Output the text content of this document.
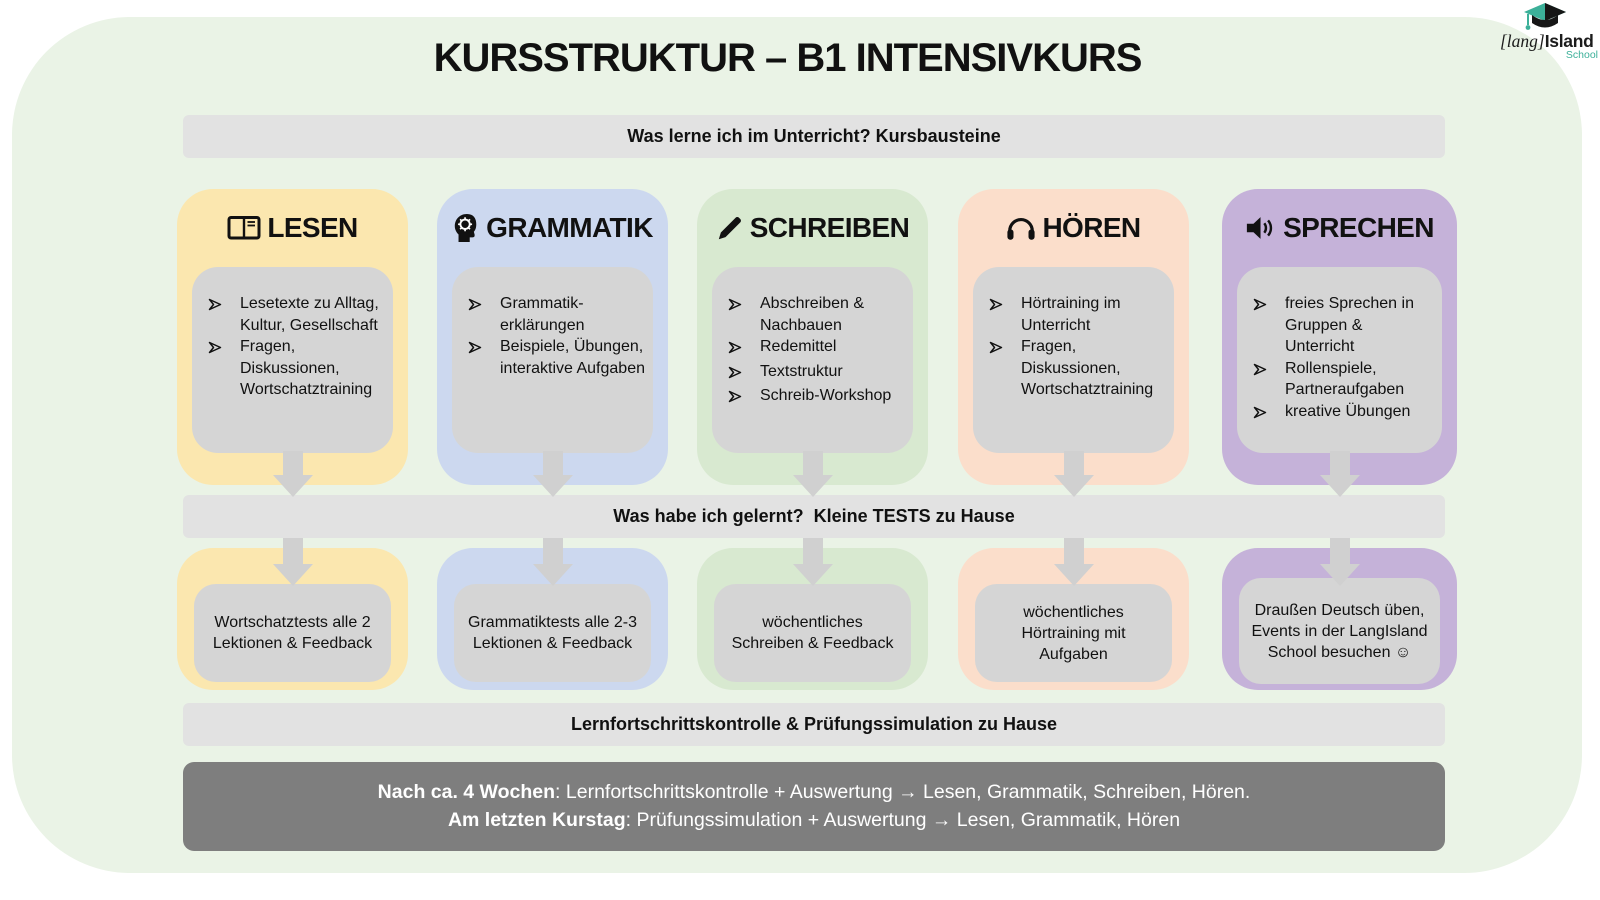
[lang]Island
School
KURSSTRUKTUR – B1 INTENSIVKURS
Was lerne ich im Unterricht? Kursbausteine
LESEN
Lesetexte zu Alltag, Kultur, Gesellschaft
Fragen, Diskussionen, Wortschatztraining
GRAMMATIK
Grammatik-erklärungen
Beispiele, Übungen, interaktive Aufgaben
SCHREIBEN
Abschreiben & Nachbauen
Redemittel
Textstruktur
Schreib-Workshop
HÖREN
Hörtraining im Unterricht
Fragen, Diskussionen, Wortschatztraining
SPRECHEN
freies Sprechen in Gruppen & Unterricht
Rollenspiele, Partneraufgaben
kreative Übungen
Was habe ich gelernt?  Kleine TESTS zu Hause
Wortschatztests alle 2 Lektionen & Feedback
Grammatiktests alle 2-3 Lektionen & Feedback
wöchentliches Schreiben & Feedback
wöchentliches Hörtraining mit Aufgaben
Draußen Deutsch üben, Events in der LangIsland School besuchen ☺
Lernfortschrittskontrolle & Prüfungssimulation zu Hause

Nach ca. 4 Wochen: Lernfortschrittskontrolle + Auswertung → Lesen, Grammatik, Schreiben, Hören.

Am letzten Kurstag: Prüfungssimulation + Auswertung → Lesen, Grammatik, Hören
